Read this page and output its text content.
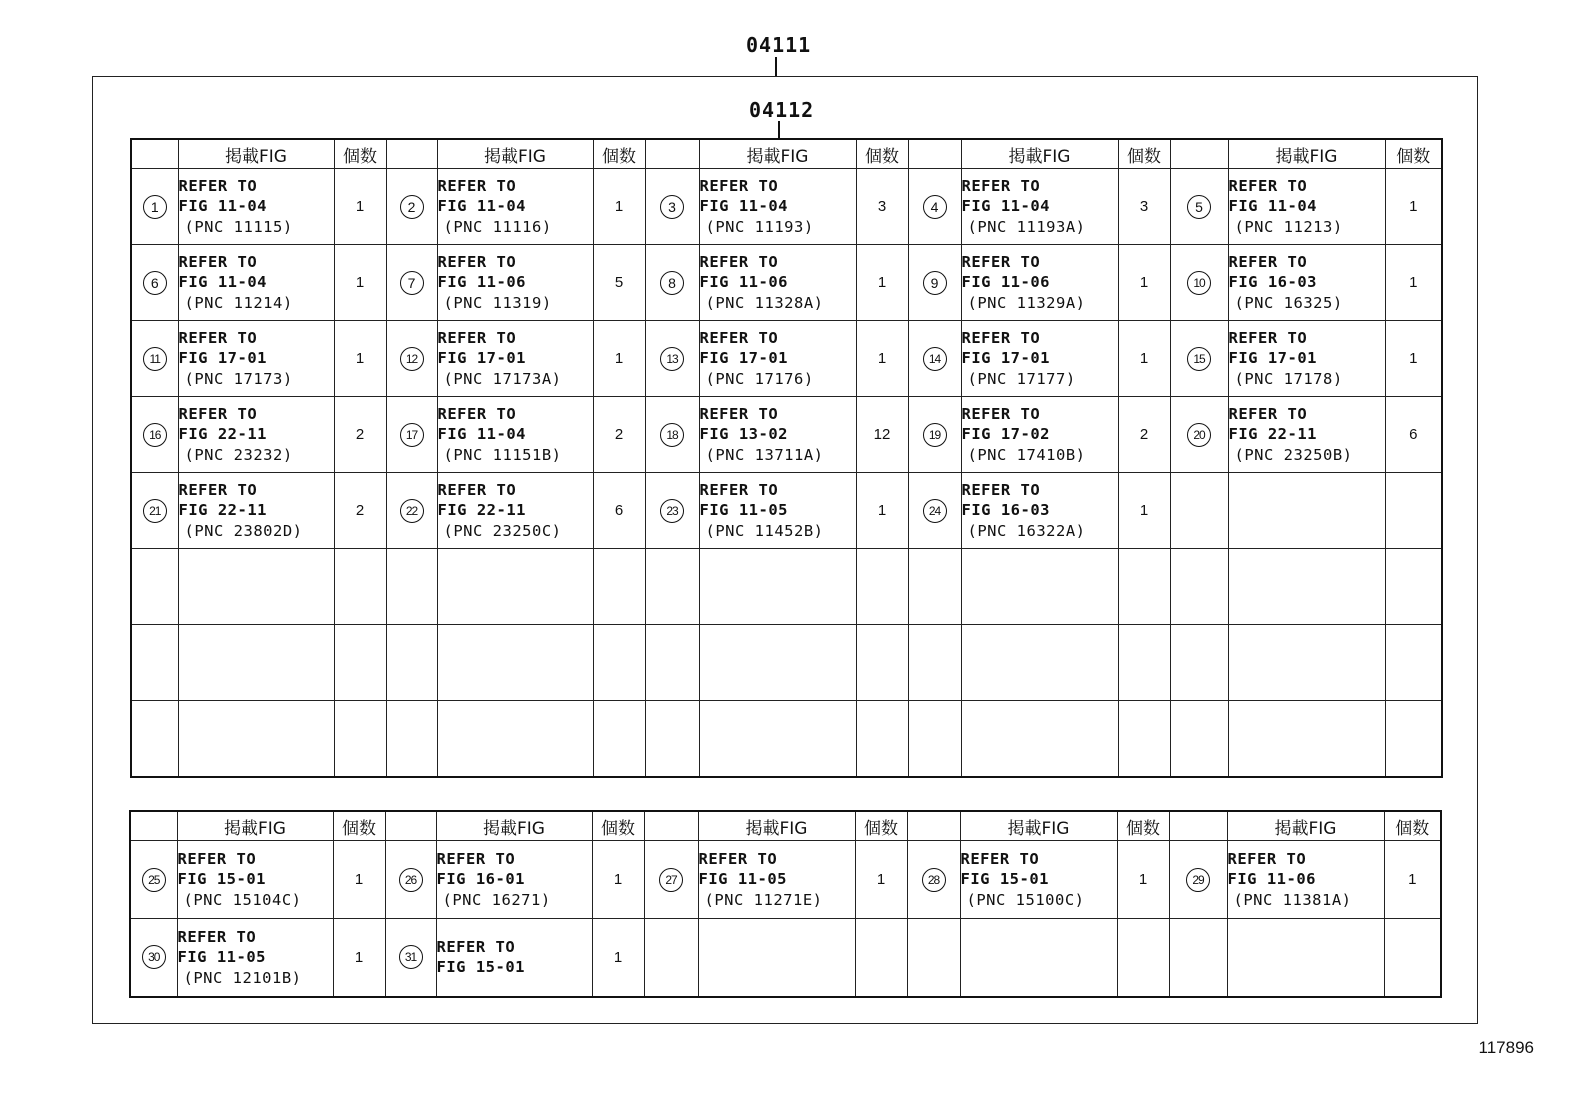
04111
04112
	掲載FIG	個数		掲載FIG	個数		掲載FIG	個数		掲載FIG	個数		掲載FIG	個数
1	REFER TO
FIG 11-04
(PNC 11115)	1	2	REFER TO
FIG 11-04
(PNC 11116)	1	3	REFER TO
FIG 11-04
(PNC 11193)	3	4	REFER TO
FIG 11-04
(PNC 11193A)	3	5	REFER TO
FIG 11-04
(PNC 11213)	1
6	REFER TO
FIG 11-04
(PNC 11214)	1	7	REFER TO
FIG 11-06
(PNC 11319)	5	8	REFER TO
FIG 11-06
(PNC 11328A)	1	9	REFER TO
FIG 11-06
(PNC 11329A)	1	10	REFER TO
FIG 16-03
(PNC 16325)	1
11	REFER TO
FIG 17-01
(PNC 17173)	1	12	REFER TO
FIG 17-01
(PNC 17173A)	1	13	REFER TO
FIG 17-01
(PNC 17176)	1	14	REFER TO
FIG 17-01
(PNC 17177)	1	15	REFER TO
FIG 17-01
(PNC 17178)	1
16	REFER TO
FIG 22-11
(PNC 23232)	2	17	REFER TO
FIG 11-04
(PNC 11151B)	2	18	REFER TO
FIG 13-02
(PNC 13711A)	12	19	REFER TO
FIG 17-02
(PNC 17410B)	2	20	REFER TO
FIG 22-11
(PNC 23250B)	6
21	REFER TO
FIG 22-11
(PNC 23802D)	2	22	REFER TO
FIG 22-11
(PNC 23250C)	6	23	REFER TO
FIG 11-05
(PNC 11452B)	1	24	REFER TO
FIG 16-03
(PNC 16322A)	1			

	掲載FIG	個数		掲載FIG	個数		掲載FIG	個数		掲載FIG	個数		掲載FIG	個数
25	REFER TO
FIG 15-01
(PNC 15104C)	1	26	REFER TO
FIG 16-01
(PNC 16271)	1	27	REFER TO
FIG 11-05
(PNC 11271E)	1	28	REFER TO
FIG 15-01
(PNC 15100C)	1	29	REFER TO
FIG 11-06
(PNC 11381A)	1
30	REFER TO
FIG 11-05
(PNC 12101B)	1	31	REFER TO
FIG 15-01	1									
117896
